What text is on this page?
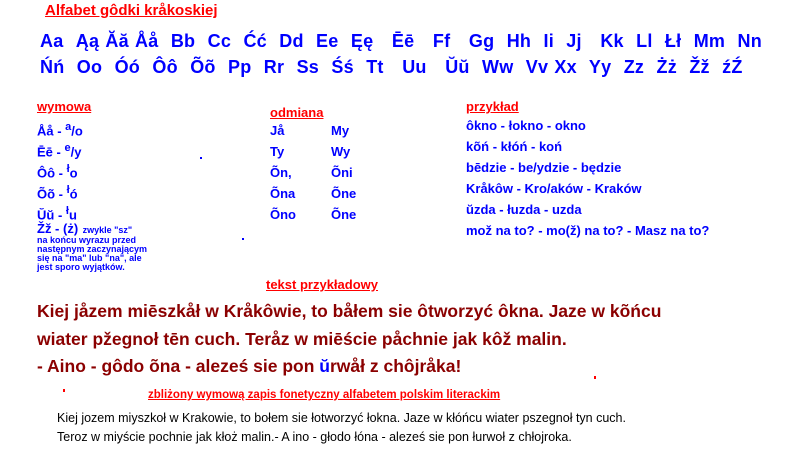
Alfabet gôdki kråkoskiej
Aa  Ąą Ăă Åå  Bb  Cc  Ćć  Dd  Ee  Ęę   Ēē   Ff   Gg  Hh  Ii  Jj   Kk  Ll  Łł  Mm  Nn
Ńń  Oo  Óó  Ôô  Õõ  Pp  Rr  Ss  Śś  Tt   Uu   Ŭŭ  Ww  Vv Xx  Yy  Zz  Żż  Žž  źŹ
wymowa
Åå - $^a$/o
Ēē - $^e$/y
Ôô - $^ł$o
Õõ - $^ł$ó
Ŭŭ - $^ł$u
Žž - (ż) zwykle "sz"
na końcu wyrazu przed
następnym zaczynającym
się na "ma" lub "na", ale
jest sporo wyjątków.
odmiana
Jå
Ty
Õn,
Õna
Õno
My
Wy
Õni
Õne
Õne
przykład
ôkno - łokno - okno
kõń - kłóń - koń
bēdzie - be/ydzie - będzie
Kråkôw - Kro/aków - Kraków
ŭzda - łuzda - uzda
mož na to? - mo(ž) na to? - Masz na to?
tekst przykładowy
Kiej jåzem miēszkåł w Kråkôwie, to båłem sie ôtworzyć ôkna. Jaze w kõńcu
wiater pžegnoł tēn cuch. Teråz w miēście påchnie jak kôž malin.
- Aino - gôdo õna - aleześ sie pon ŭrwåł z chôjråka!
zbliżony wymową zapis fonetyczny alfabetem polskim literackim
Kiej jozem miyszkoł w Krakowie, to bołem sie łotworzyć łokna. Jaze w kłóńcu wiater pszegnoł tyn cuch.
Teroz w miyście pochnie jak kłoż malin.- A ino - głodo łóna - aleześ sie pon łurwoł z chłojroka.
